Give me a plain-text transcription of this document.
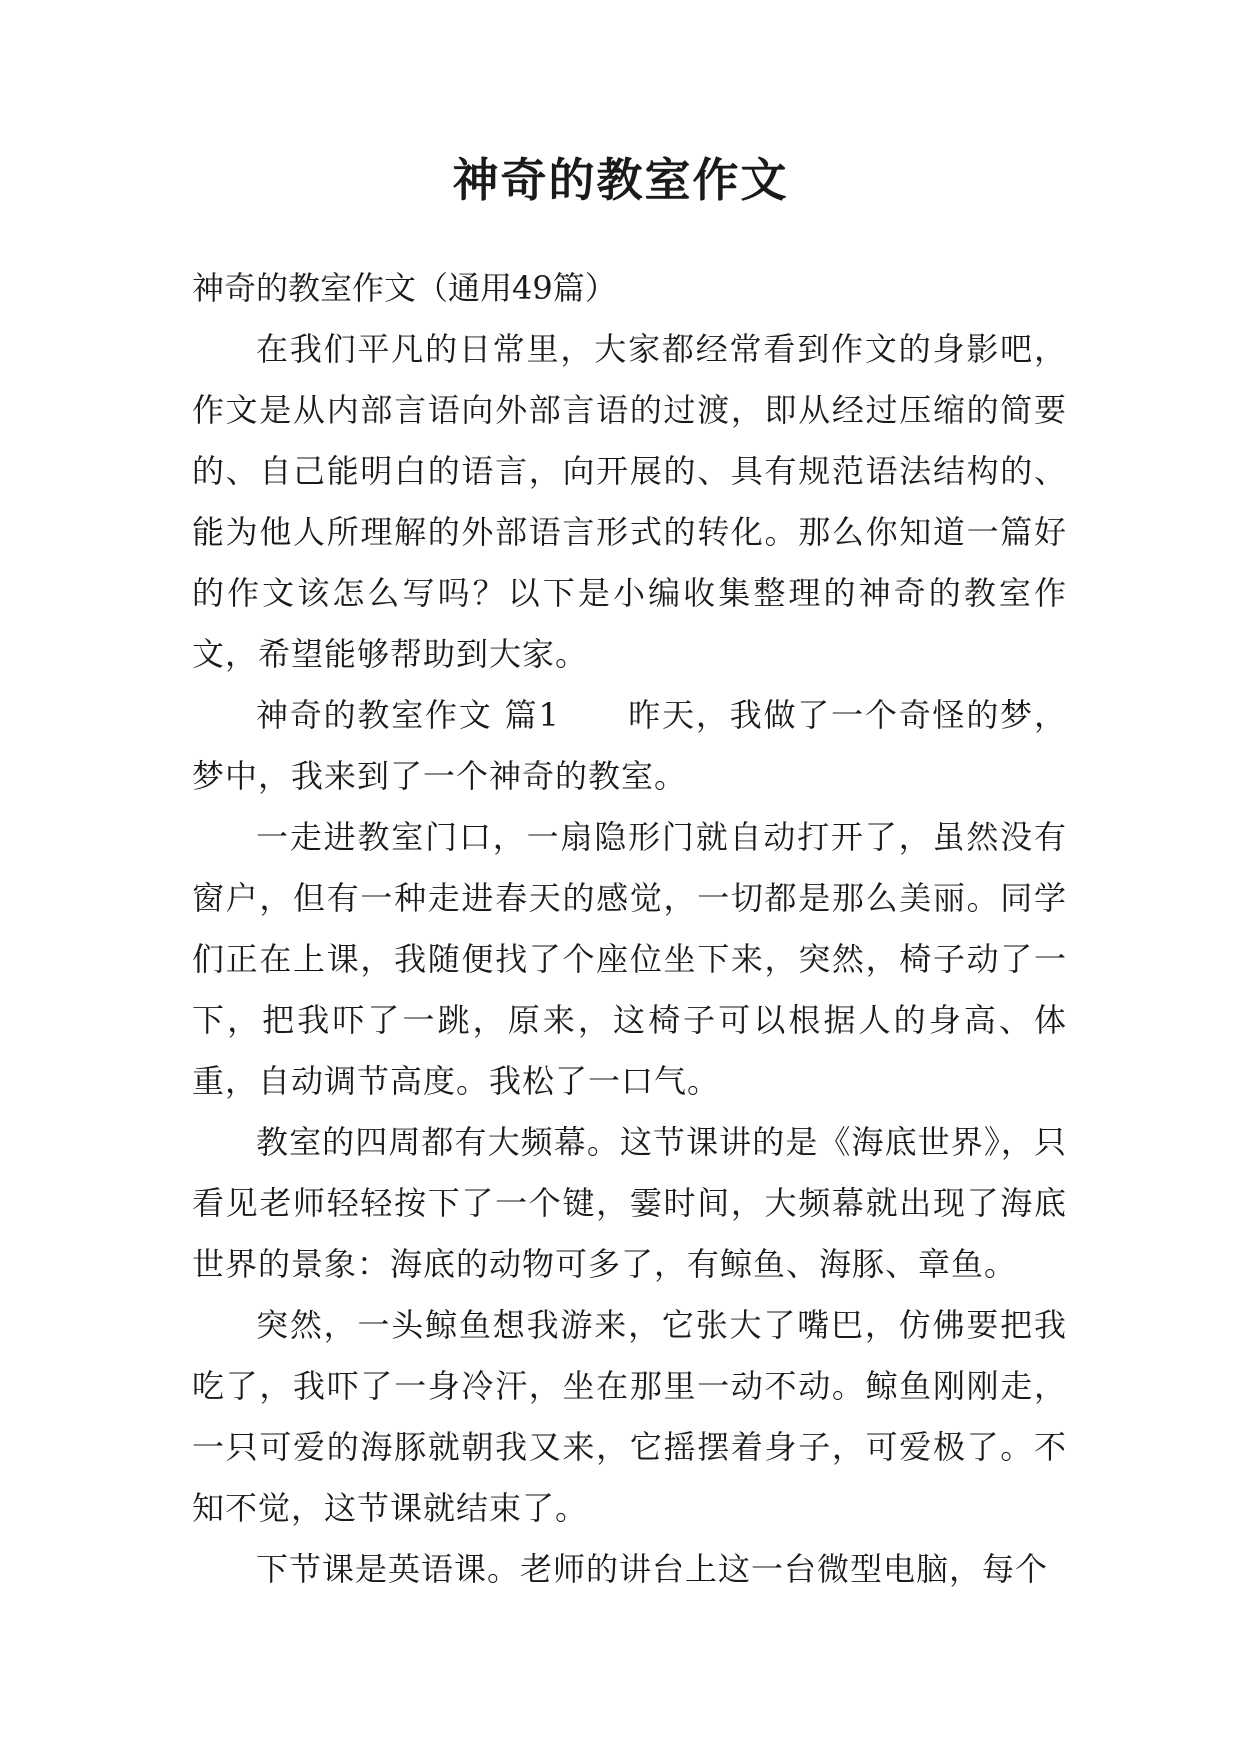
神奇的教室作文

神奇的教室作文（通用49篇）

在我们平凡的日常里，大家都经常看到作文的身影吧，作文是从内部言语向外部言语的过渡，即从经过压缩的简要的、自己能明白的语言，向开展的、具有规范语法结构的、能为他人所理解的外部语言形式的转化。那么你知道一篇好的作文该怎么写吗？以下是小编收集整理的神奇的教室作文，希望能够帮助到大家。

神奇的教室作文 篇1　　昨天，我做了一个奇怪的梦，梦中，我来到了一个神奇的教室。

一走进教室门口，一扇隐形门就自动打开了，虽然没有窗户，但有一种走进春天的感觉，一切都是那么美丽。同学们正在上课，我随便找了个座位坐下来，突然，椅子动了一下，把我吓了一跳，原来，这椅子可以根据人的身高、体重，自动调节高度。我松了一口气。

教室的四周都有大频幕。这节课讲的是《海底世界》，只看见老师轻轻按下了一个键，霎时间，大频幕就出现了海底世界的景象：海底的动物可多了，有鲸鱼、海豚、章鱼。

突然，一头鲸鱼想我游来，它张大了嘴巴，仿佛要把我吃了，我吓了一身冷汗，坐在那里一动不动。鲸鱼刚刚走，一只可爱的海豚就朝我又来，它摇摆着身子，可爱极了。不知不觉，这节课就结束了。

下节课是英语课。老师的讲台上这一台微型电脑，每个
